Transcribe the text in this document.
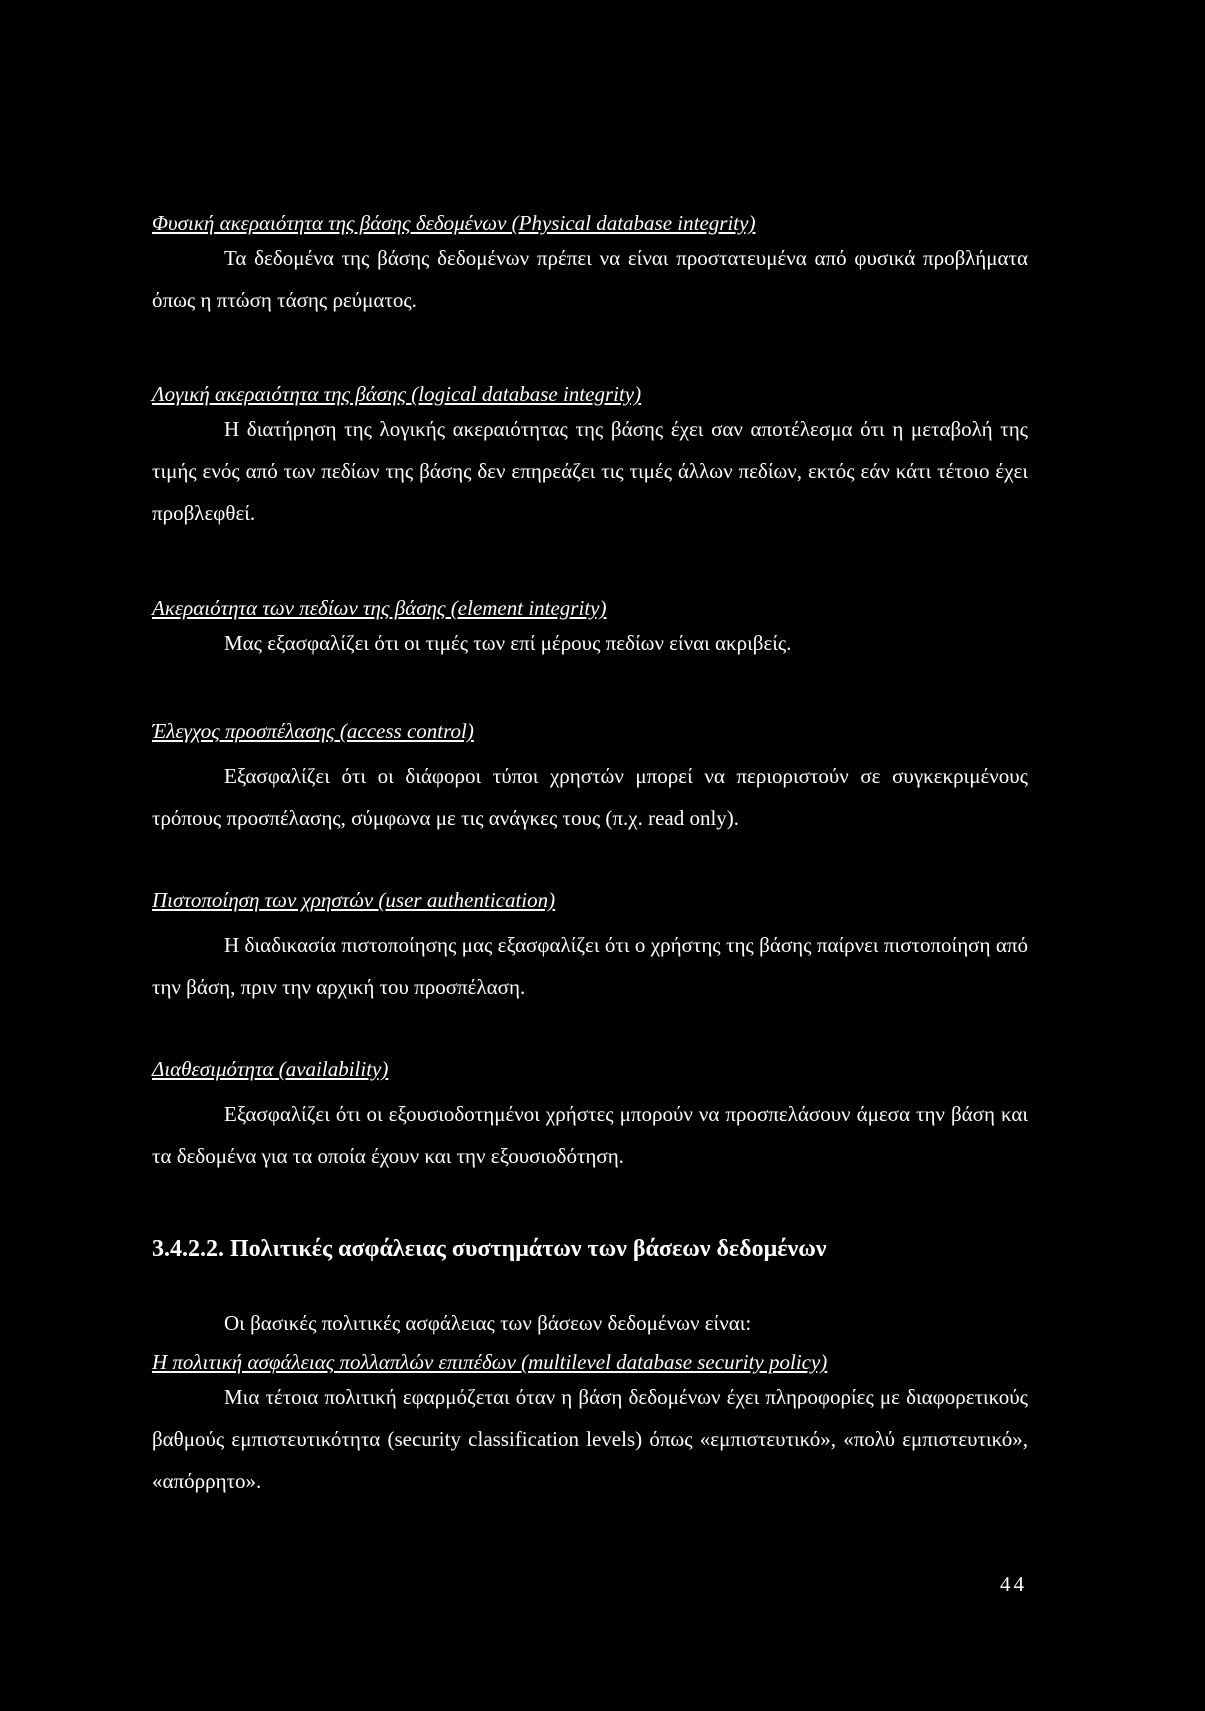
Φυσική ακεραιότητα της βάσης δεδομένων (Physical database integrity)

Τα δεδομένα της βάσης δεδομένων πρέπει να είναι προστατευμένα από φυσικά προβλήματα όπως η πτώση τάσης ρεύματος.

Λογική ακεραιότητα της βάσης (logical database integrity)

Η διατήρηση της λογικής ακεραιότητας της βάσης έχει σαν αποτέλεσμα ότι η μεταβολή της τιμής ενός από των πεδίων της βάσης δεν επηρεάζει τις τιμές άλλων πεδίων, εκτός εάν κάτι τέτοιο έχει προβλεφθεί.

Ακεραιότητα των πεδίων της βάσης (element integrity)

Μας εξασφαλίζει ότι οι τιμές των επί μέρους πεδίων είναι ακριβείς.

Έλεγχος προσπέλασης (access control)

Εξασφαλίζει ότι οι διάφοροι τύποι χρηστών μπορεί να περιοριστούν σε συγκεκριμένους τρόπους προσπέλασης, σύμφωνα με τις ανάγκες τους (π.χ. read only).

Πιστοποίηση των χρηστών (user authentication)

Η διαδικασία πιστοποίησης μας εξασφαλίζει ότι ο χρήστης της βάσης παίρνει πιστοποίηση από την βάση, πριν την αρχική του προσπέλαση.

Διαθεσιμότητα (availability)

Εξασφαλίζει ότι οι εξουσιοδοτημένοι χρήστες μπορούν να προσπελάσουν άμεσα την βάση και τα δεδομένα για τα οποία έχουν και την εξουσιοδότηση.

3.4.2.2. Πολιτικές ασφάλειας συστημάτων των βάσεων δεδομένων

Οι βασικές πολιτικές ασφάλειας των βάσεων δεδομένων είναι:

Η πολιτική ασφάλειας πολλαπλών επιπέδων (multilevel database security policy)

Μια τέτοια πολιτική εφαρμόζεται όταν η βάση δεδομένων έχει πληροφορίες με διαφορετικούς βαθμούς εμπιστευτικότητα (security classification levels) όπως «εμπιστευτικό», «πολύ εμπιστευτικό», «απόρρητο».

44
